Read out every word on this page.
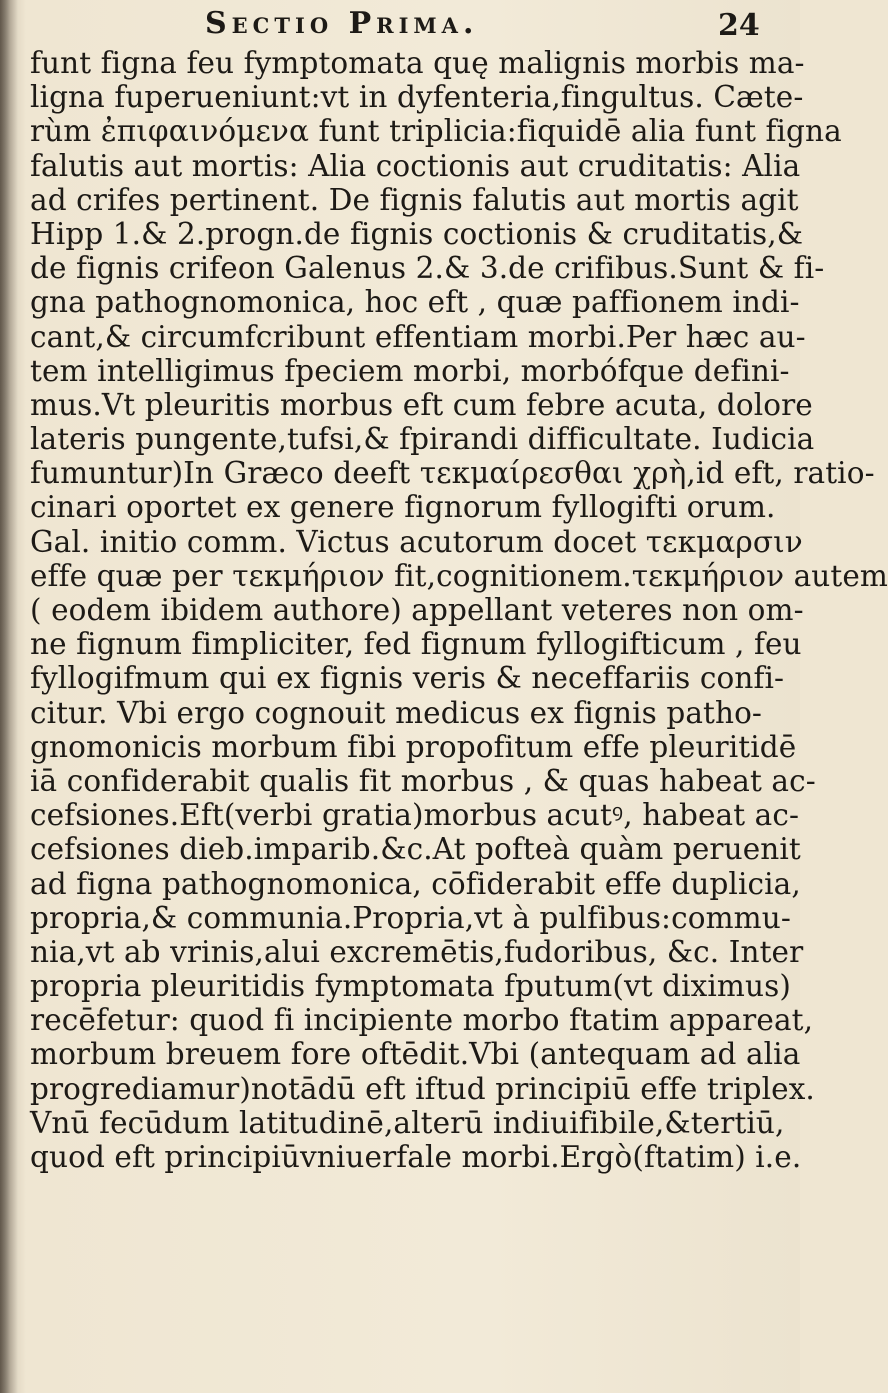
Sectio Prima.	24
funt figna feu fymptomata quę malignis morbis ma-
ligna fuperueniunt:vt in dyfenteria,fingultus. Cæte-
rùm ἐπιφαινόμενα funt triplicia:fiquidē alia funt figna
falutis aut mortis: Alia coctionis aut cruditatis: Alia
ad crifes pertinent. De fignis falutis aut mortis agit
Hipp 1.& 2.progn.de fignis coctionis & cruditatis,&
de fignis crifeon Galenus 2.& 3.de crifibus.Sunt & fi-
gna pathognomonica, hoc eft , quæ paffionem indi-
cant,& circumfcribunt effentiam morbi.Per hæc au-
tem intelligimus fpeciem morbi, morbófque defini-
mus.Vt pleuritis morbus eft cum febre acuta, dolore
lateris pungente,tufsi,& fpirandi difficultate. Iudicia
fumuntur)In Græco deeft τεκμαίρεσθαι χρὴ,id eft, ratio-
cinari oportet ex genere fignorum fyllogifti orum.
Gal. initio comm. Victus acutorum docet τεκμαρσιν
effe quæ per τεκμήριον fit,cognitionem.τεκμήριον autem
( eodem ibidem authore) appellant veteres non om-
ne fignum fimpliciter, fed fignum fyllogifticum , feu
fyllogifmum qui ex fignis veris & neceffariis confi-
citur. Vbi ergo cognouit medicus ex fignis patho-
gnomonicis morbum fibi propofitum effe pleuritidē
iā confiderabit qualis fit morbus , & quas habeat ac-
cefsiones.Eft(verbi gratia)morbus acutꝰ, habeat ac-
cefsiones dieb.imparib.&c.At poftеà quàm peruenit
ad figna pathognomonica, cōfiderabit effe duplicia,
propria,& communia.Propria,vt à pulfibus:commu-
nia,vt ab vrinis,alui excremētis,fudoribus, &c. Inter
propria pleuritidis fymptomata fputum(vt diximus)
recēfetur: quod fi incipiente morbo ftatim appareat,
morbum breuem fore oftēdit.Vbi (antequam ad alia
progrediamur)notādū eft iftud principiū effe triplex.
Vnū fecūdum latitudinē,alterū indiuifibile,&tertiū,
quod eft principiūvniuerfale morbi.Ergò(ftatim) i.e.
